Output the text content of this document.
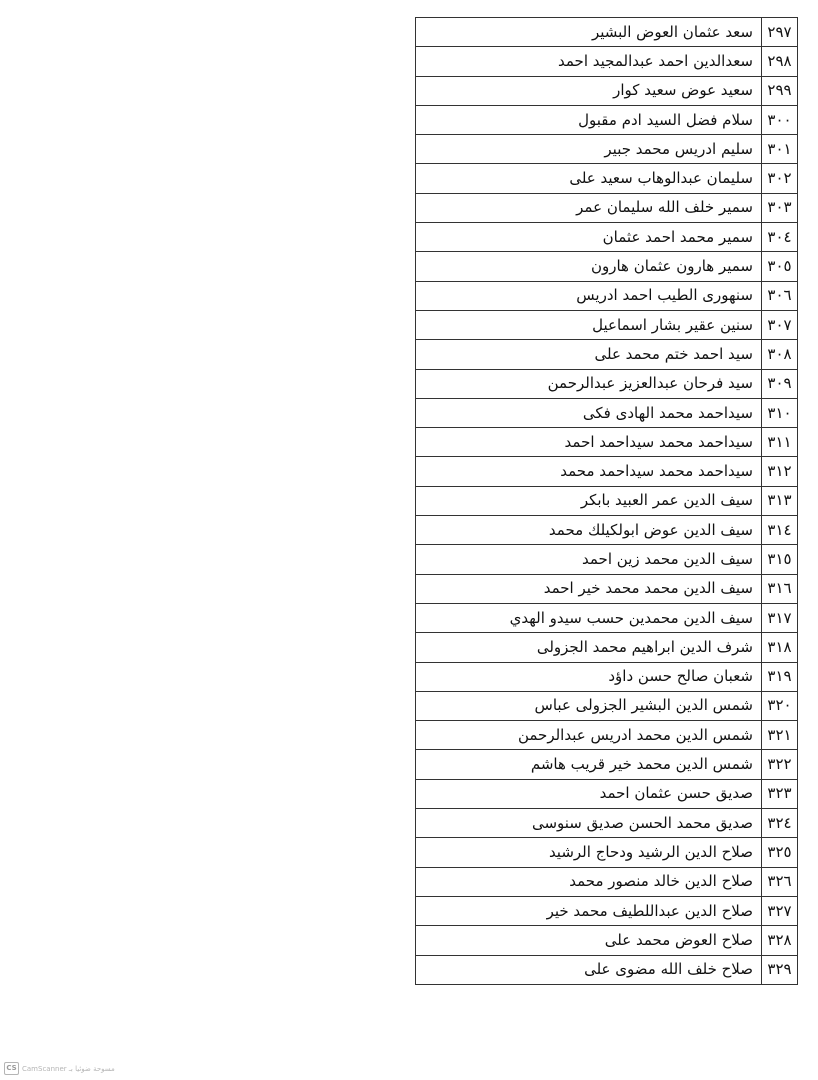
٢٩٧	سعد عثمان العوض البشير
٢٩٨	سعدالدين احمد عبدالمجيد احمد
٢٩٩	سعيد عوض سعيد كوار
٣٠٠	سلام فضل السيد ادم مقبول
٣٠١	سليم ادريس محمد جبير
٣٠٢	سليمان عبدالوهاب سعيد على
٣٠٣	سمير خلف الله سليمان عمر
٣٠٤	سمير محمد احمد عثمان
٣٠٥	سمير هارون عثمان هارون
٣٠٦	سنهورى الطيب احمد ادريس
٣٠٧	سنين عقير بشار اسماعيل
٣٠٨	سيد احمد ختم محمد على
٣٠٩	سيد فرحان عبدالعزيز عبدالرحمن
٣١٠	سيداحمد محمد الهادى فكى
٣١١	سيداحمد محمد سيداحمد احمد
٣١٢	سيداحمد محمد سيداحمد محمد
٣١٣	سيف الدين عمر العبيد بابكر
٣١٤	سيف الدين عوض ابولكيلك محمد
٣١٥	سيف الدين محمد زين احمد
٣١٦	سيف الدين محمد محمد خير احمد
٣١٧	سيف الدين محمدين حسب سيدو الهدي
٣١٨	شرف الدين ابراهيم محمد الجزولى
٣١٩	شعبان صالح حسن داؤد
٣٢٠	شمس الدين البشير الجزولى عباس
٣٢١	شمس الدين محمد ادريس عبدالرحمن
٣٢٢	شمس الدين محمد خير قريب هاشم
٣٢٣	صديق حسن عثمان احمد
٣٢٤	صديق محمد الحسن صديق سنوسى
٣٢٥	صلاح الدين الرشيد ودحاج الرشيد
٣٢٦	صلاح الدين خالد منصور محمد
٣٢٧	صلاح الدين عبداللطيف محمد خير
٣٢٨	صلاح العوض محمد على
٣٢٩	صلاح خلف الله مضوى على
CS CamScanner مسوحة ضوئيا بـ
